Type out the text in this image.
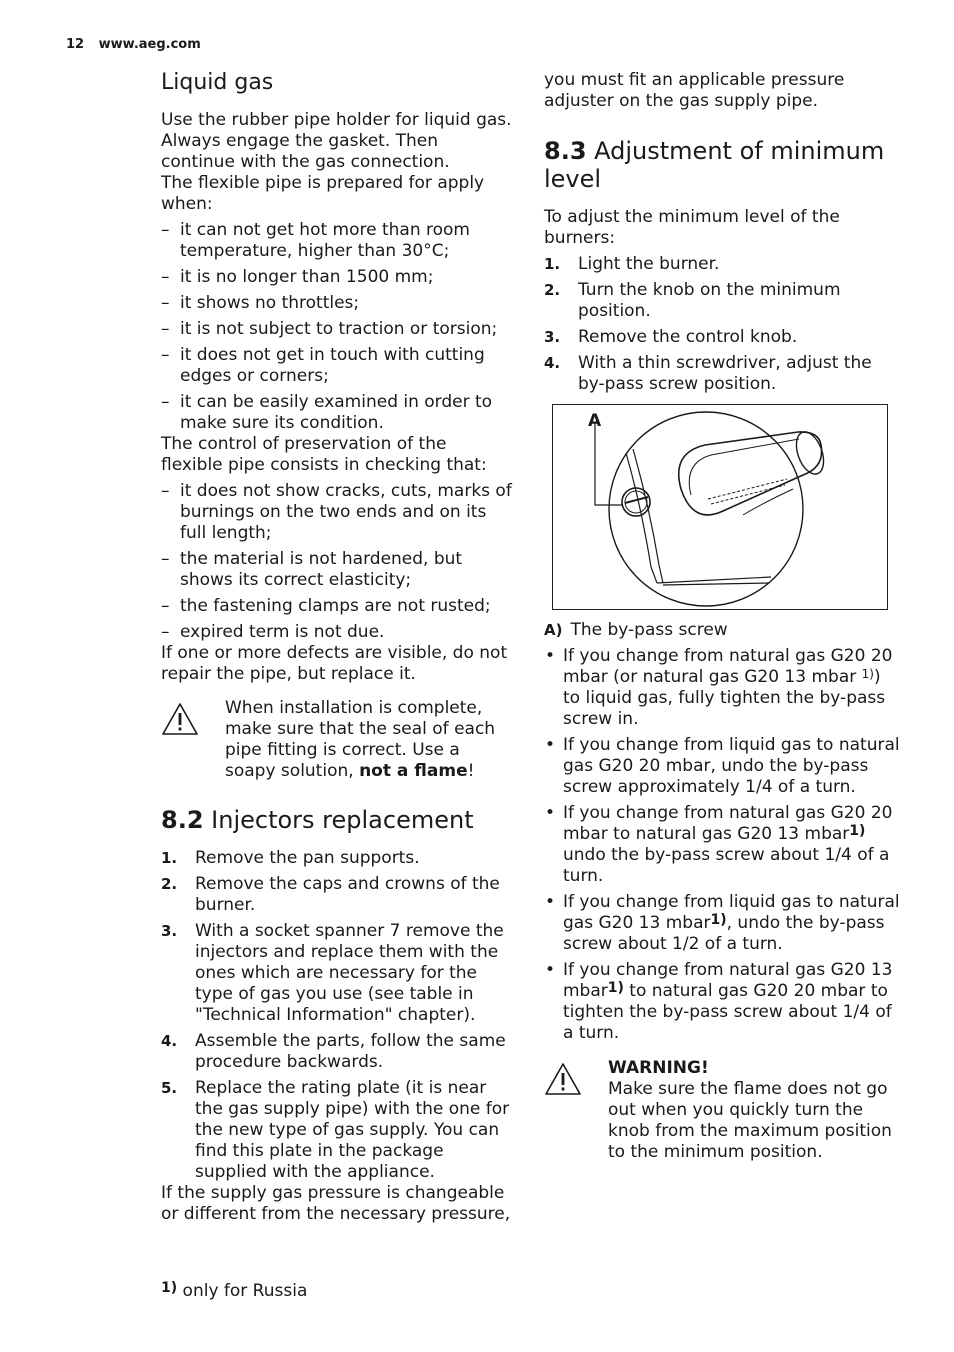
12 www.aeg.com
Liquid gas

Use the rubber pipe holder for liquid gas. Always engage the gasket. Then continue with the gas connection.

The flexible pipe is prepared for apply when:

– it can not get hot more than room temperature, higher than 30°C;
– it is no longer than 1500 mm;
– it shows no throttles;
– it is not subject to traction or torsion;
– it does not get in touch with cutting edges or corners;
– it can be easily examined in order to make sure its condition.

The control of preservation of the flexible pipe consists in checking that:

– it does not show cracks, cuts, marks of burnings on the two ends and on its full length;
– the material is not hardened, but shows its correct elasticity;
– the fastening clamps are not rusted;
– expired term is not due.

If one or more defects are visible, do not repair the pipe, but replace it.

When installation is complete, make sure that the seal of each pipe fitting is correct. Use a soapy solution, not a flame!
8.2 Injectors replacement
1. Remove the pan supports.
2. Remove the caps and crowns of the burner.
3. With a socket spanner 7 remove the injectors and replace them with the ones which are necessary for the type of gas you use (see table in "Technical Information" chapter).
4. Assemble the parts, follow the same procedure backwards.
5. Replace the rating plate (it is near the gas supply pipe) with the one for the new type of gas supply. You can find this plate in the package supplied with the appliance.

If the supply gas pressure is changeable or different from the necessary pressure,

you must fit an applicable pressure adjuster on the gas supply pipe.

8.3 Adjustment of minimum level

To adjust the minimum level of the burners:

1. Light the burner.
2. Turn the knob on the minimum position.
3. Remove the control knob.
4. With a thin screwdriver, adjust the by-pass screw position.
A

A) The by-pass screw

• If you change from natural gas G20 20 mbar (or natural gas G20 13 mbar $^{1)}$) to liquid gas, fully tighten the by-pass screw in.
• If you change from liquid gas to natural gas G20 20 mbar, undo the by-pass screw approximately 1/4 of a turn.
• If you change from natural gas G20 20 mbar to natural gas G20 13 mbar$^{1)}$ undo the by-pass screw about 1/4 of a turn.
• If you change from liquid gas to natural gas G20 13 mbar$^{1)}$, undo the by-pass screw about 1/2 of a turn.
• If you change from natural gas G20 13 mbar$^{1)}$ to natural gas G20 20 mbar to tighten the by-pass screw about 1/4 of a turn.
WARNING!
Make sure the flame does not go out when you quickly turn the knob from the maximum position to the minimum position.
$^{1)}$ only for Russia
